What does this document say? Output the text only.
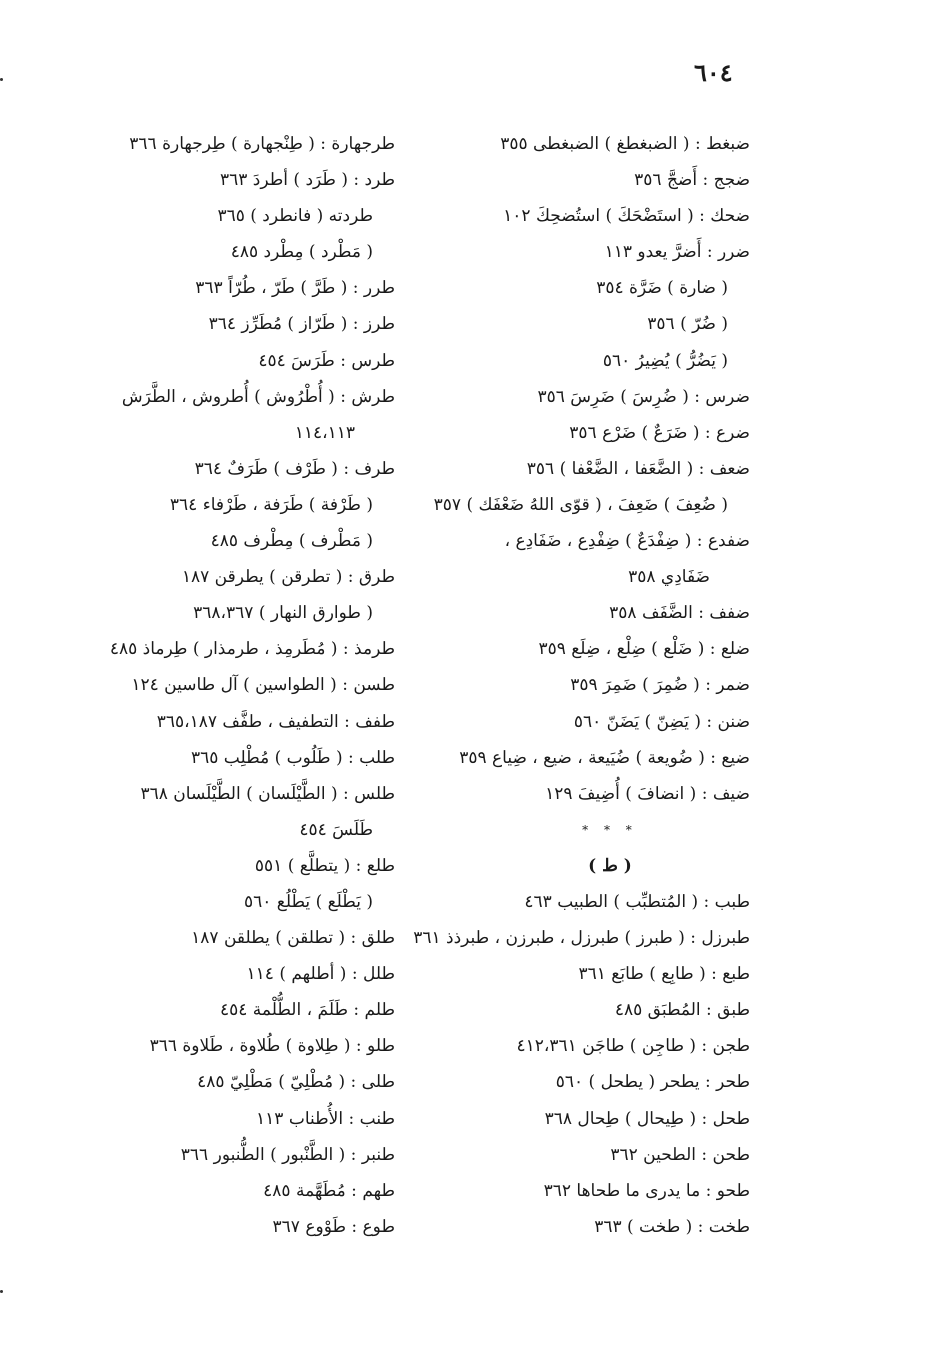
٦٠٤
ضبغط : ( الضبغطغ ) الضبغطى ٣٥٥
ضجج : أَضجَّ ٣٥٦
ضحك : ( استَضْحَكَ ) استُضحِكَ ١٠٢
ضرر : أَضرَّ يعدو ١١٣
( ضارة ) ضَرَّة ٣٥٤
( ضُرّ ) ٣٥٦
( يَضُرُّ ) يُضِيرُ ٥٦٠
ضرس : ( ضُرِسَ ) ضَرِسَ ٣٥٦
ضرع : ( ضَرَعٌ ) ضَرْع ٣٥٦
ضعف : ( الضَّعَفا ، الضَّعْفا ) ٣٥٦
( ضُعِفَ ) ضَعِفَ ، ( قوّى اللهُ ضَعْفَك ) ٣٥٧
ضفدع : ( ضِفْدَعٌ ) ضِفْدِع ، ضَفَادِع ،
ضَفَادِي ٣٥٨
ضفف : الضَّفَف ٣٥٨
ضلع : ( ضَلْع ) ضِلْع ، ضِلَع ٣٥٩
ضمر : ( ضُمِرَ ) ضَمِرَ ٣٥٩
ضنن : ( يَضِنّ ) يَضَنّ ٥٦٠
ضيع : ( ضُويعة ) ضُيَيعة ، ضيع ، ضِياع ٣٥٩
ضيف : ( انضافَ ) أُضِيفَ ١٢٩
* * *
( ط )
طبب : ( المُتطبِّب ) الطبيب ٤٦٣
طبرزل : ( طبرز ) طبرزل ، طبرزن ، طبرذذ ٣٦١
طبع : ( طابِع ) طابَع ٣٦١
طبق : المُطبَق ٤٨٥
طجن : ( طاجِن ) طاجَن ٤١٢،٣٦١
طحر : يطحر ( يطحل ) ٥٦٠
طحل : ( طِيحال ) طِحال ٣٦٨
طحن : الطحين ٣٦٢
طحو : ما يدرى ما طحاها ٣٦٢
طخت : ( طخت ) ٣٦٣
طرجهارة : ( طِنْجهارة ) طِرجهارة ٣٦٦
طرد : ( طَرَد ) أطردَ ٣٦٣
طردته ( فانطرد ) ٣٦٥
( مَطْرد ) مِطْرد ٤٨٥
طرر : ( طَرَّ ) طَرّ ، طُرّاً ٣٦٣
طرز : ( طَرّاز ) مُطَرِّز ٣٦٤
طرس : طَرَسَ ٤٥٤
طرش : ( أُطْرُوش ) أُطروش ، الطَّرَش
١١٤،١١٣
طرف : ( طَرْف ) طَرَفٌ ٣٦٤
( طَرْفة ) طَرَفة ، طَرْفاء ٣٦٤
( مَطْرف ) مِطْرف ٤٨٥
طرق : ( تطرقن ) يطرقن ١٨٧
( طوارق النهار ) ٣٦٨،٣٦٧
طرمذ : ( مُطَرمِذ ، طرمذار ) طِرماذ ٤٨٥
طسن : ( الطواسين ) آل طاسين ١٢٤
طفف : التطفيف ، طفَّف ٣٦٥،١٨٧
طلب : ( طَلُوب ) مُطْلِب ٣٦٥
طلس : ( الطَّيْلَسان ) الطَّيْلَسان ٣٦٨
طَلَسَ ٤٥٤
طلع : ( يتطلَّع ) ٥٥١
( يَطْلَع ) يَطْلُع ٥٦٠
طلق : ( تطلقن ) يطلقن ١٨٧
طلل : ( أطلهم ) ١١٤
طلم : طَلَمَ ، الطُّلْمة ٤٥٤
طلو : ( طِلاوة ) طُلاوة ، طَلاوة ٣٦٦
طلى : ( مُطْلِيّ ) مَطْلِيّ ٤٨٥
طنب : الأُطناب ١١٣
طنبر : ( الطَّنْبور ) الطُّنبور ٣٦٦
طهم : مُطَهَّمة ٤٨٥
طوع : طَوْوع ٣٦٧
